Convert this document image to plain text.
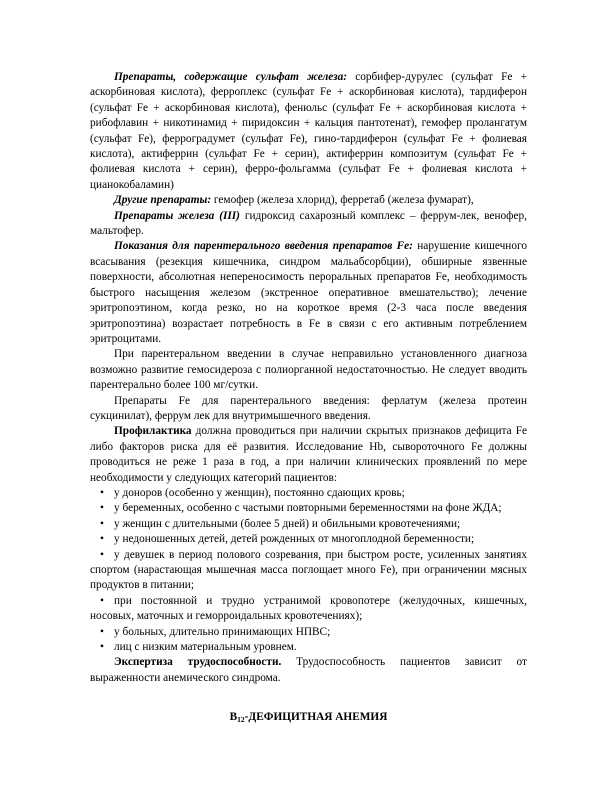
Препараты, содержащие сульфат железа: сорбифер-дурулес (сульфат Fe + аскорбиновая кислота), ферроплекс (сульфат Fe + аскорбиновая кислота), тардиферон (сульфат Fe + аскорбиновая кислота), фенюльс (сульфат Fe + аскорбиновая кислота + рибофлавин + никотинамид + пиридоксин + кальция пантотенат), гемофер пролангатум (сульфат Fe), ферроградумет (сульфат Fe), гино-тардиферон (сульфат Fe + фолиевая кислота), актиферрин (сульфат Fe + серин), актиферрин композитум (сульфат Fe + фолиевая кислота + серин), ферро-фольгамма (сульфат Fe + фолиевая кислота + цианокобаламин)

Другие препараты: гемофер (железа хлорид), ферретаб (железа фумарат),

Препараты железа (III) гидроксид сахарозный комплекс – феррум-лек, венофер, мальтофер.

Показания для парентерального введения препаратов Fe: нарушение кишечного всасывания (резекция кишечника, синдром мальабсорбции), обширные язвенные поверхности, абсолютная непереносимость пероральных препаратов Fe, необходимость быстрого насыщения железом (экстренное оперативное вмешательство); лечение эритропоэтином, когда резко, но на короткое время (2-3 часа после введения эритропоэтина) возрастает потребность в Fe в связи с его активным потреблением эритроцитами.

При парентеральном введении в случае неправильно установленного диагноза возможно развитие гемосидероза с полиорганной недостаточностью. Не следует вводить парентерально более 100 мг/сутки.

Препараты Fe для парентерального введения: ферлатум (железа протеин сукцинилат), феррум лек для внутримышечного введения.

Профилактика должна проводиться при наличии скрытых признаков дефицита Fe либо факторов риска для её развития. Исследование Hb, сывороточного Fe должны проводиться не реже 1 раза в год, а при наличии клинических проявлений по мере необходимости у следующих категорий пациентов:

• у доноров (особенно у женщин), постоянно сдающих кровь;
• у беременных, особенно с частыми повторными беременностями на фоне ЖДА;
• у женщин с длительными (более 5 дней) и обильными кровотечениями;
• у недоношенных детей, детей рожденных от многоплодной беременности;
• у девушек в период полового созревания, при быстром росте, усиленных занятиях спортом (нарастающая мышечная масса поглощает много Fe), при ограничении мясных продуктов в питании;
• при постоянной и трудно устранимой кровопотере (желудочных, кишечных, носовых, маточных и геморроидальных кровотечениях);
• у больных, длительно принимающих НПВС;
• лиц с низким материальным уровнем.

Экспертиза трудоспособности. Трудоспособность пациентов зависит от выраженности анемического синдрома.

$B_{12}$-ДЕФИЦИТНАЯ АНЕМИЯ
